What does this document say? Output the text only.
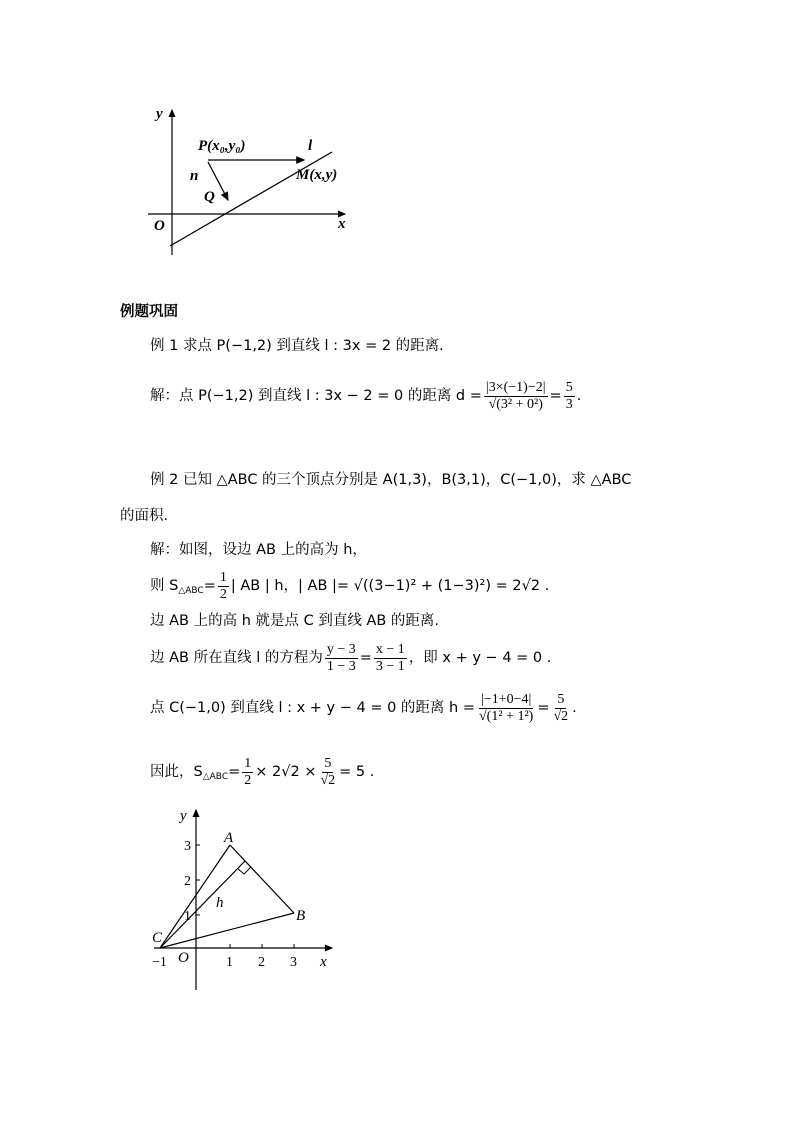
y
x
O
P(x₀,y₀)	l
n
Q
M(x,y)
例题巩固
例 1 求点 P(−1,2) 到直线 l : 3x = 2 的距离.
解：点 P(−1,2) 到直线 l : 3x − 2 = 0 的距离 $d = \frac{|3\times(-1)-2|}{\text{√(3² + 0²)}} = \frac{5}{3}$ .
例 2 已知 △ABC 的三个顶点分别是 A(1,3)，B(3,1)，C(−1,0)，求 △ABC
的面积.
解：如图，设边 AB 上的高为 h，
则 S △ABC = $\frac{1}{2}$ | AB | h，| AB |= √((3−1)² + (1−3)²) = 2√2 .
边 AB 上的高 h 就是点 C 到直线 AB 的距离.
边 AB 所在直线 l 的方程为 $\frac{y - 3}{1 - 3} = \frac{x - 1}{3 - 1}$ ，即 x + y − 4 = 0 .
点 C(−1,0) 到直线 l : x + y − 4 = 0 的距离 $h = \frac{|-1+0-4|}{\text{√(1² + 1²)}} = \frac{5}{√2}$ .
因此，S △ABC = $\frac{1}{2} \times 2√2 \times \frac{5}{√2} = 5$ .
y
x
O
A
B
C
h
1
2
3
−1	1 2 3
